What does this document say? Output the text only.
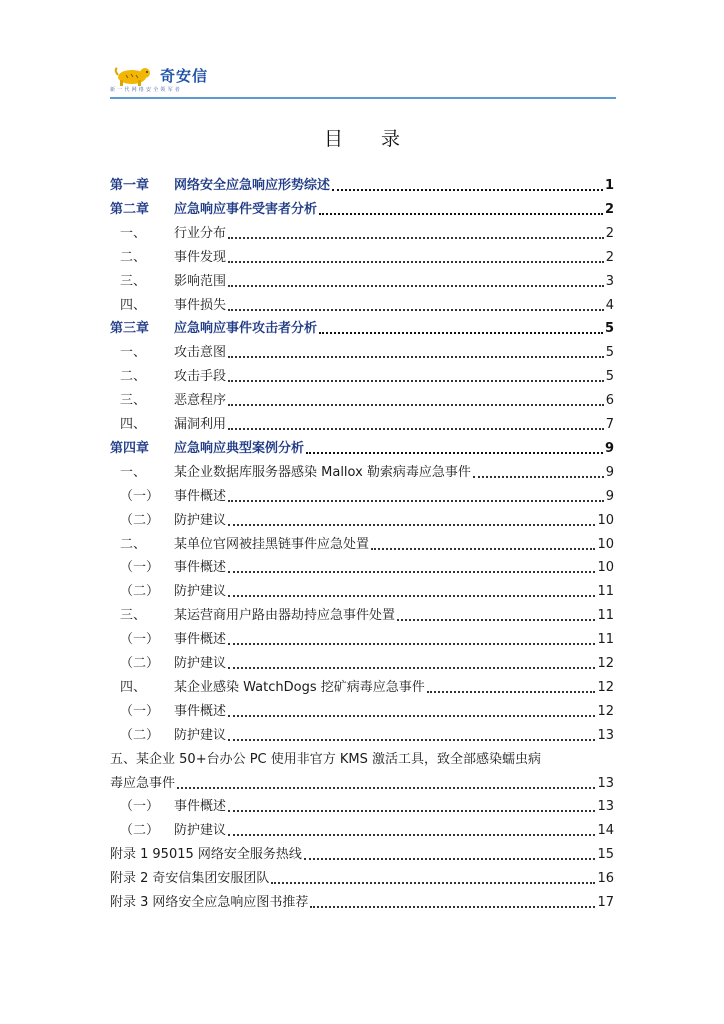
奇安信
新一代网络安全领军者
目 录
第一章	网络安全应急响应形势综述	1
第二章	应急响应事件受害者分析	2
一、	行业分布	2
二、	事件发现	2
三、	影响范围	3
四、	事件损失	4
第三章	应急响应事件攻击者分析	5
一、	攻击意图	5
二、	攻击手段	5
三、	恶意程序	6
四、	漏洞利用	7
第四章	应急响应典型案例分析	9
一、	某企业数据库服务器感染 Mallox 勒索病毒应急事件	9
（一）	事件概述	9
（二）	防护建议	10
二、	某单位官网被挂黑链事件应急处置	10
（一）	事件概述	10
（二）	防护建议	11
三、	某运营商用户路由器劫持应急事件处置	11
（一）	事件概述	11
（二）	防护建议	12
四、	某企业感染 WatchDogs 挖矿病毒应急事件	12
（一）	事件概述	12
（二）	防护建议	13
五、 某企业 50+台办公 PC 使用非官方 KMS 激活工具，致全部感染蠕虫病
毒应急事件	13
（一）	事件概述	13
（二）	防护建议	14
附录 1 95015 网络安全服务热线	15
附录 2 奇安信集团安服团队	16
附录 3 网络安全应急响应图书推荐	17
